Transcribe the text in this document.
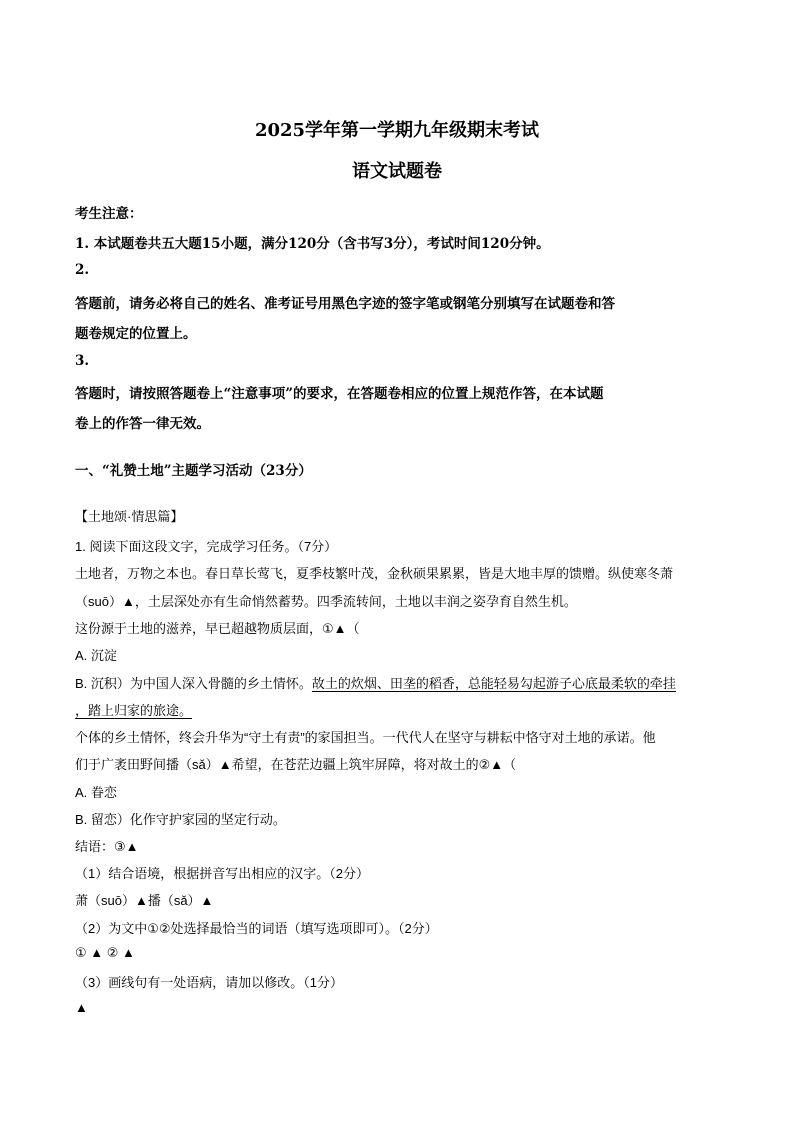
2025学年第一学期九年级期末考试
语文试题卷
考生注意：
1. 本试题卷共五大题15小题，满分120分（含书写3分），考试时间120分钟。
2.
答题前，请务必将自己的姓名、准考证号用黑色字迹的签字笔或钢笔分别填写在试题卷和答
题卷规定的位置上。
3.
答题时，请按照答题卷上“注意事项”的要求，在答题卷相应的位置上规范作答，在本试题
卷上的作答一律无效。
一、“礼赞土地”主题学习活动（23分）
【土地颂·情思篇】
1. 阅读下面这段文字，完成学习任务。（7分）
土地者，万物之本也。春日草长莺飞，夏季枝繁叶茂，金秋硕果累累，皆是大地丰厚的馈赠。纵使寒冬萧
（suō）▲，土层深处亦有生命悄然蓄势。四季流转间，土地以丰润之姿孕育自然生机。
这份源于土地的滋养，早已超越物质层面，①▲（
A. 沉淀
B. 沉积）为中国人深入骨髓的乡土情怀。故土的炊烟、田垄的稻香，总能轻易勾起游子心底最柔软的牵挂
，踏上归家的旅途。
个体的乡土情怀，终会升华为“守土有责”的家国担当。一代代人在坚守与耕耘中恪守对土地的承诺。他
们于广袤田野间播（sǎ）▲希望，在苍茫边疆上筑牢屏障，将对故土的②▲（
A. 眷恋
B. 留恋）化作守护家园的坚定行动。
结语：③▲
（1）结合语境，根据拼音写出相应的汉字。（2分）
萧（suō）▲播（sǎ）▲
（2）为文中①②处选择最恰当的词语（填写选项即可）。（2分）
① ▲ ② ▲
（3）画线句有一处语病，请加以修改。（1分）
▲
